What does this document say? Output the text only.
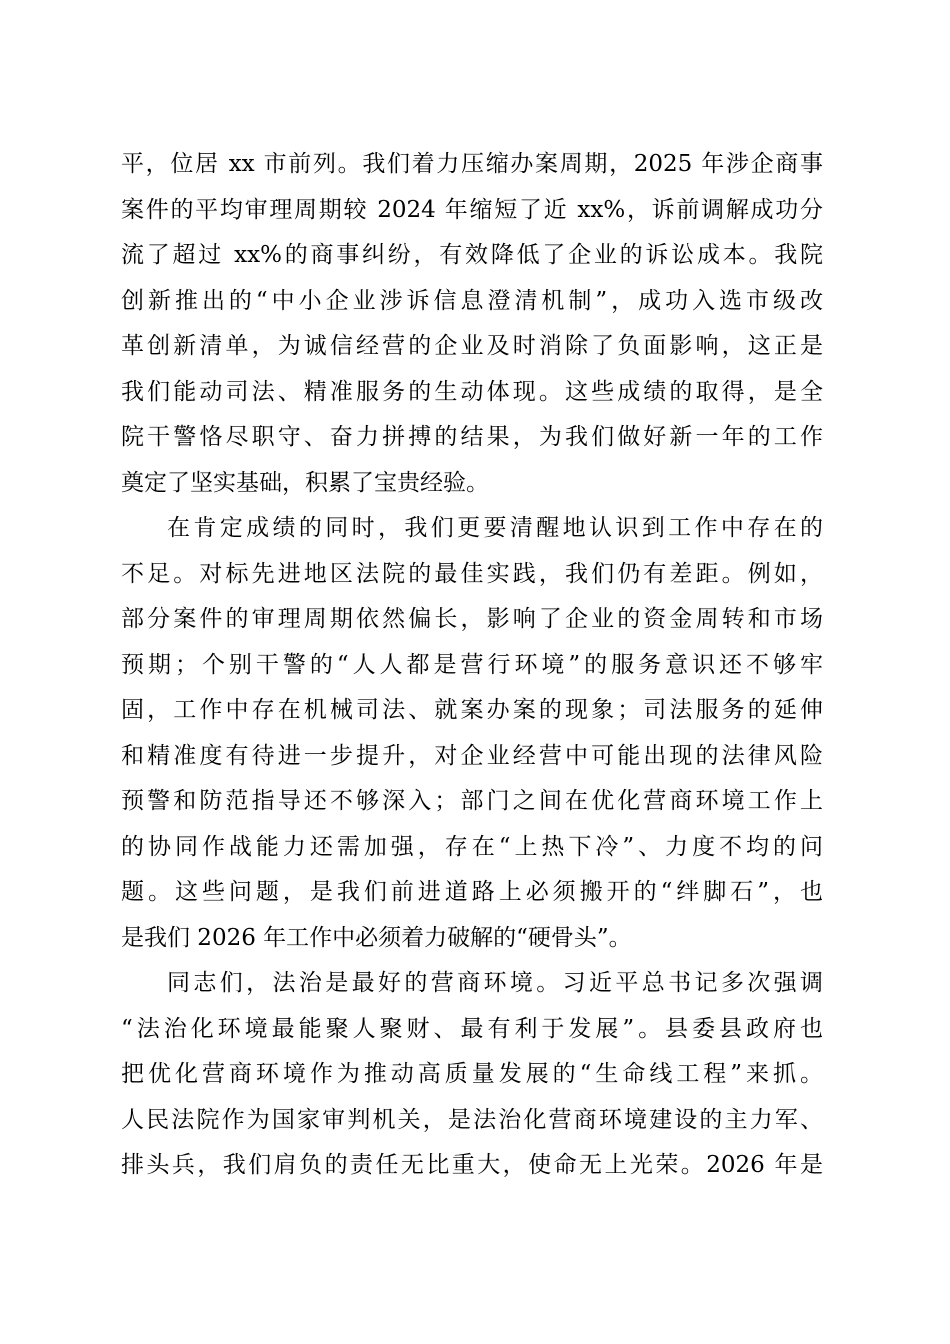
平，位居 xx 市前列。我们着力压缩办案周期，2025 年涉企商事
案件的平均审理周期较 2024 年缩短了近 xx%，诉前调解成功分
流了超过 xx%的商事纠纷，有效降低了企业的诉讼成本。我院
创新推出的“中小企业涉诉信息澄清机制”，成功入选市级改
革创新清单，为诚信经营的企业及时消除了负面影响，这正是
我们能动司法、精准服务的生动体现。这些成绩的取得，是全
院干警恪尽职守、奋力拼搏的结果，为我们做好新一年的工作
奠定了坚实基础，积累了宝贵经验。
在肯定成绩的同时，我们更要清醒地认识到工作中存在的
不足。对标先进地区法院的最佳实践，我们仍有差距。例如，
部分案件的审理周期依然偏长，影响了企业的资金周转和市场
预期；个别干警的“人人都是营行环境”的服务意识还不够牢
固，工作中存在机械司法、就案办案的现象；司法服务的延伸
和精准度有待进一步提升，对企业经营中可能出现的法律风险
预警和防范指导还不够深入；部门之间在优化营商环境工作上
的协同作战能力还需加强，存在“上热下冷”、力度不均的问
题。这些问题，是我们前进道路上必须搬开的“绊脚石”，也
是我们 2026 年工作中必须着力破解的“硬骨头”。
同志们，法治是最好的营商环境。习近平总书记多次强调
“法治化环境最能聚人聚财、最有利于发展”。县委县政府也
把优化营商环境作为推动高质量发展的“生命线工程”来抓。
人民法院作为国家审判机关，是法治化营商环境建设的主力军、
排头兵，我们肩负的责任无比重大，使命无上光荣。2026 年是
